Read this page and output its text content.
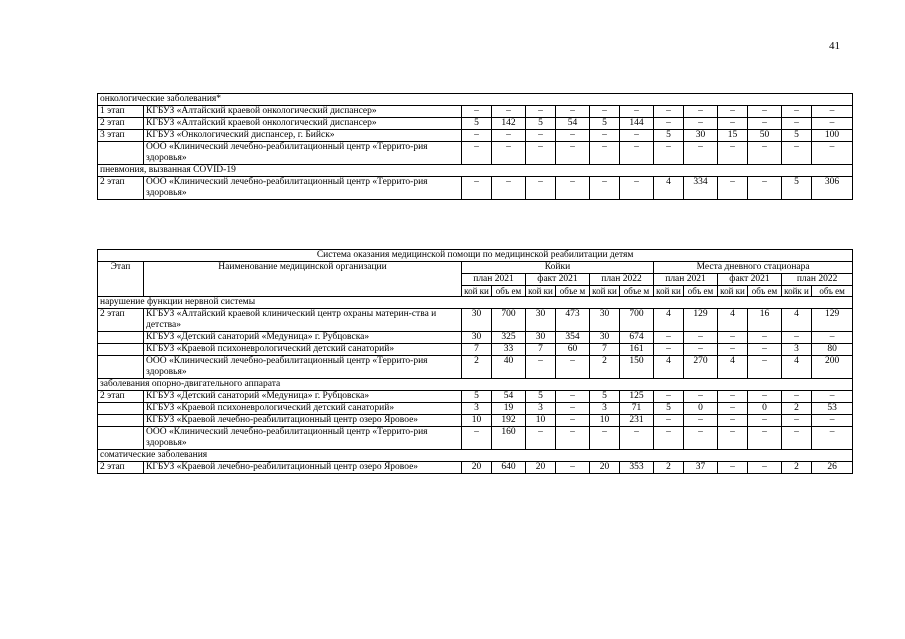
41
онкологические заболевания*													
1 этап	КГБУЗ «Алтайский краевой онкологический диспансер»	–	–	–	–	–	–	–	–	–	–	–	–
2 этап	КГБУЗ «Алтайский краевой онкологический диспансер»	5	142	5	54	5	144	–	–	–	–	–	–
3 этап	КГБУЗ «Онкологический диспансер, г. Бийск»	–	–	–	–	–	–	5	30	15	50	5	100
	ООО «Клинический лечебно-реабилитационный центр «Террито-рия здоровья»	–	–	–	–	–	–	–	–	–	–	–	–
пневмония, вызванная COVID-19													
2 этап	ООО «Клинический лечебно-реабилитационный центр «Террито-рия здоровья»	–	–	–	–	–	–	4	334	–	–	5	306
Система оказания медицинской помощи по медицинской реабилитации детям													
Этап	Наименование медицинской организации	Койки						Места дневного стационара					
		план 2021		факт 2021		план 2022		план 2021		факт 2021		план 2022	
		кой ки	объ ем	кой ки	объе м	кой ки	объе м	кой ки	объ ем	кой ки	объ ем	койк и	объ ем
нарушение функции нервной системы													
2 этап	КГБУЗ «Алтайский краевой клинический центр охраны материн-ства и детства»	30	700	30	473	30	700	4	129	4	16	4	129
	КГБУЗ «Детский санаторий «Медуница» г. Рубцовска»	30	325	30	354	30	674	–	–	–	–	–	–
	КГБУЗ «Краевой психоневрологический детский санаторий»	7	33	7	60	7	161	–	–	–	–	3	80
	ООО «Клинический лечебно-реабилитационный центр «Террито-рия здоровья»	2	40	–	–	2	150	4	270	4	–	4	200
заболевания опорно-двигательного аппарата													
2 этап	КГБУЗ «Детский санаторий «Медуница» г. Рубцовска»	5	54	5	–	5	125	–	–	–	–	–	–
	КГБУЗ «Краевой психоневрологический детский санаторий»	3	19	3	–	3	71	5	0	–	0	2	53
	КГБУЗ «Краевой лечебно-реабилитационный центр озеро Яровое»	10	192	10	–	10	231	–	–	–	–	–	–
	ООО «Клинический лечебно-реабилитационный центр «Террито-рия здоровья»	–	160	–	–	–	–	–	–	–	–	–	–
соматические заболевания													
2 этап	КГБУЗ «Краевой лечебно-реабилитационный центр озеро Яровое»	20	640	20	–	20	353	2	37	–	–	2	26
